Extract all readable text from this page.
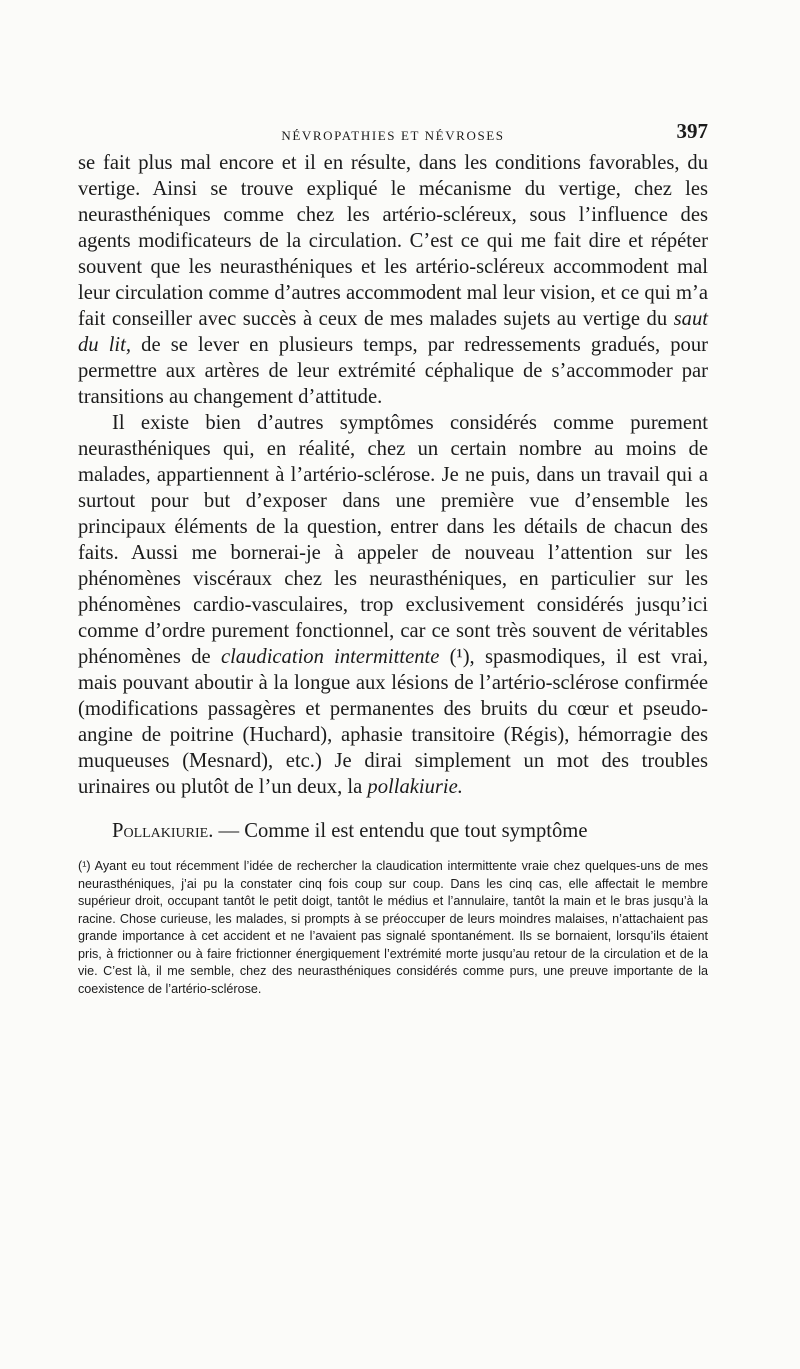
NÉVROPATHIES ET NÉVROSES	397

se fait plus mal encore et il en résulte, dans les conditions favorables, du vertige. Ainsi se trouve expliqué le mécanisme du vertige, chez les neurasthéniques comme chez les artério-scléreux, sous l’influence des agents modificateurs de la circulation. C’est ce qui me fait dire et répéter souvent que les neurasthéniques et les artério-scléreux accommodent mal leur circulation comme d’autres accommodent mal leur vision, et ce qui m’a fait conseiller avec succès à ceux de mes malades sujets au vertige du saut du lit, de se lever en plusieurs temps, par redressements gradués, pour permettre aux artères de leur extrémité céphalique de s’accommoder par transitions au changement d’attitude.

Il existe bien d’autres symptômes considérés comme purement neurasthéniques qui, en réalité, chez un certain nombre au moins de malades, appartiennent à l’artério-sclérose. Je ne puis, dans un travail qui a surtout pour but d’exposer dans une première vue d’ensemble les principaux éléments de la question, entrer dans les détails de chacun des faits. Aussi me bornerai-je à appeler de nouveau l’attention sur les phénomènes viscéraux chez les neurasthéniques, en particulier sur les phénomènes cardio-vasculaires, trop exclusivement considérés jusqu’ici comme d’ordre purement fonctionnel, car ce sont très souvent de véritables phénomènes de claudication intermittente (¹), spasmodiques, il est vrai, mais pouvant aboutir à la longue aux lésions de l’artério-sclérose confirmée (modifications passagères et permanentes des bruits du cœur et pseudo-angine de poitrine (Huchard), aphasie transitoire (Régis), hémorragie des muqueuses (Mesnard), etc.) Je dirai simplement un mot des troubles urinaires ou plutôt de l’un deux, la pollakiurie.

Pollakiurie. — Comme il est entendu que tout symptôme

(¹) Ayant eu tout récemment l’idée de rechercher la claudication intermittente vraie chez quelques-uns de mes neurasthéniques, j’ai pu la constater cinq fois coup sur coup. Dans les cinq cas, elle affectait le membre supérieur droit, occupant tantôt le petit doigt, tantôt le médius et l’annulaire, tantôt la main et le bras jusqu’à la racine. Chose curieuse, les malades, si prompts à se préoccuper de leurs moindres malaises, n’attachaient pas grande importance à cet accident et ne l’avaient pas signalé spontanément. Ils se bornaient, lorsqu’ils étaient pris, à frictionner ou à faire frictionner énergiquement l’extrémité morte jusqu’au retour de la circulation et de la vie. C’est là, il me semble, chez des neurasthéniques considérés comme purs, une preuve importante de la coexistence de l’artério-sclérose.
